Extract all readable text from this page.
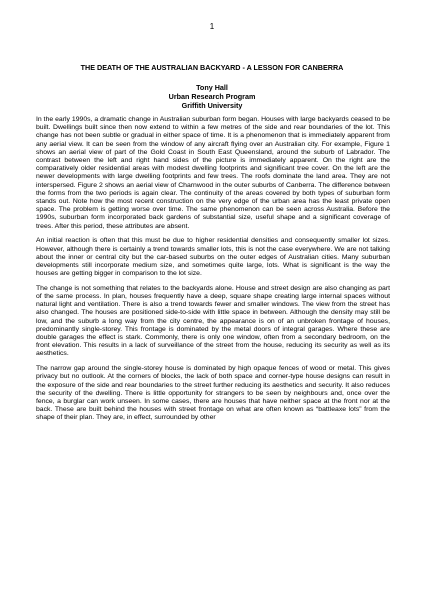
1
THE DEATH OF THE AUSTRALIAN BACKYARD - A LESSON FOR CANBERRA
Tony Hall
Urban Research Program
Griffith University

In the early 1990s, a dramatic change in Australian suburban form began. Houses with large backyards ceased to be built. Dwellings built since then now extend to within a few metres of the side and rear boundaries of the lot. This change has not been subtle or gradual in either space of time. It is a phenomenon that is immediately apparent from any aerial view. It can be seen from the window of any aircraft flying over an Australian city. For example, Figure 1 shows an aerial view of part of the Gold Coast in South East Queensland, around the suburb of Labrador. The contrast between the left and right hand sides of the picture is immediately apparent. On the right are the comparatively older residential areas with modest dwelling footprints and significant tree cover. On the left are the newer developments with large dwelling footprints and few trees. The roofs dominate the land area. They are not interspersed. Figure 2 shows an aerial view of Charnwood in the outer suburbs of Canberra. The difference between the forms from the two periods is again clear. The continuity of the areas covered by both types of suburban form stands out. Note how the most recent construction on the very edge of the urban area has the least private open space. The problem is getting worse over time. The same phenomenon can be seen across Australia. Before the 1990s, suburban form incorporated back gardens of substantial size, useful shape and a significant coverage of trees. After this period, these attributes are absent.

An initial reaction is often that this must be due to higher residential densities and consequently smaller lot sizes. However, although there is certainly a trend towards smaller lots, this is not the case everywhere. We are not talking about the inner or central city but the car-based suburbs on the outer edges of Australian cities. Many suburban developments still incorporate medium size, and sometimes quite large, lots. What is significant is the way the houses are getting bigger in comparison to the lot size.

The change is not something that relates to the backyards alone. House and street design are also changing as part of the same process. In plan, houses frequently have a deep, square shape creating large internal spaces without natural light and ventilation. There is also a trend towards fewer and smaller windows. The view from the street has also changed. The houses are positioned side-to-side with little space in between. Although the density may still be low, and the suburb a long way from the city centre, the appearance is on of an unbroken frontage of houses, predominantly single-storey. This frontage is dominated by the metal doors of integral garages. Where these are double garages the effect is stark. Commonly, there is only one window, often from a secondary bedroom, on the front elevation. This results in a lack of surveillance of the street from the house, reducing its security as well as its aesthetics.

The narrow gap around the single-storey house is dominated by high opaque fences of wood or metal. This gives privacy but no outlook. At the corners of blocks, the lack of both space and corner-type house designs can result in the exposure of the side and rear boundaries to the street further reducing its aesthetics and security. It also reduces the security of the dwelling. There is little opportunity for strangers to be seen by neighbours and, once over the fence, a burglar can work unseen. In some cases, there are houses that have neither space at the front nor at the back. These are built behind the houses with street frontage on what are often known as “battleaxe lots” from the shape of their plan. They are, in effect, surrounded by other
